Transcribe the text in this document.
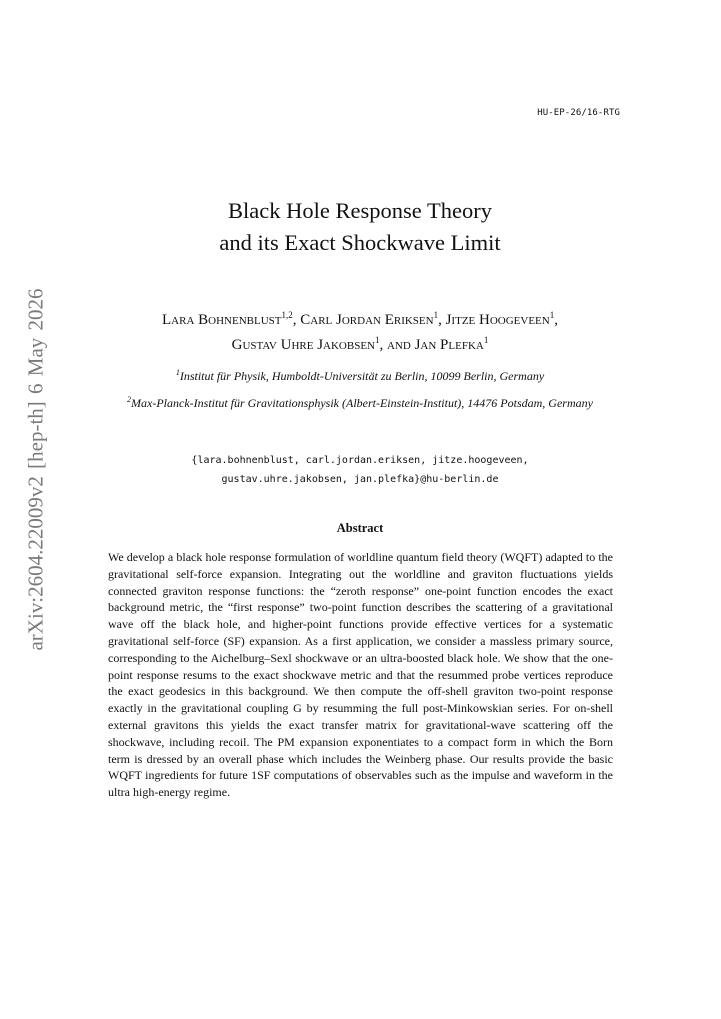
HU-EP-26/16-RTG
arXiv:2604.22009v2 [hep-th] 6 May 2026
Black Hole Response Theory
and its Exact Shockwave Limit
Lara Bohnenblust$^{1,2}$, Carl Jordan Eriksen$^1$, Jitze Hoogeveen$^1$,
Gustav Uhre Jakobsen$^1$, and Jan Plefka$^1$

$^1$Institut für Physik, Humboldt-Universität zu Berlin, 10099 Berlin, Germany

$^2$Max-Planck-Institut für Gravitationsphysik (Albert-Einstein-Institut), 14476 Potsdam, Germany

{lara.bohnenblust, carl.jordan.eriksen, jitze.hoogeveen,
gustav.uhre.jakobsen, jan.plefka}@hu-berlin.de
Abstract
We develop a black hole response formulation of worldline quantum field theory (WQFT) adapted to the gravitational self-force expansion. Integrating out the worldline and graviton fluctuations yields connected graviton response functions: the “zeroth response” one-point function encodes the exact background metric, the “first response” two-point function describes the scattering of a gravitational wave off the black hole, and higher-point functions provide effective vertices for a systematic gravitational self-force (SF) expansion. As a first application, we consider a massless primary source, corresponding to the Aichelburg–Sexl shockwave or an ultra-boosted black hole. We show that the one-point response resums to the exact shockwave metric and that the resummed probe vertices reproduce the exact geodesics in this background. We then compute the off-shell graviton two-point response exactly in the gravitational coupling G by resumming the full post-Minkowskian series. For on-shell external gravitons this yields the exact transfer matrix for gravitational-wave scattering off the shockwave, including recoil. The PM expansion exponentiates to a compact form in which the Born term is dressed by an overall phase which includes the Weinberg phase. Our results provide the basic WQFT ingredients for future 1SF computations of observables such as the impulse and waveform in the ultra high-energy regime.
